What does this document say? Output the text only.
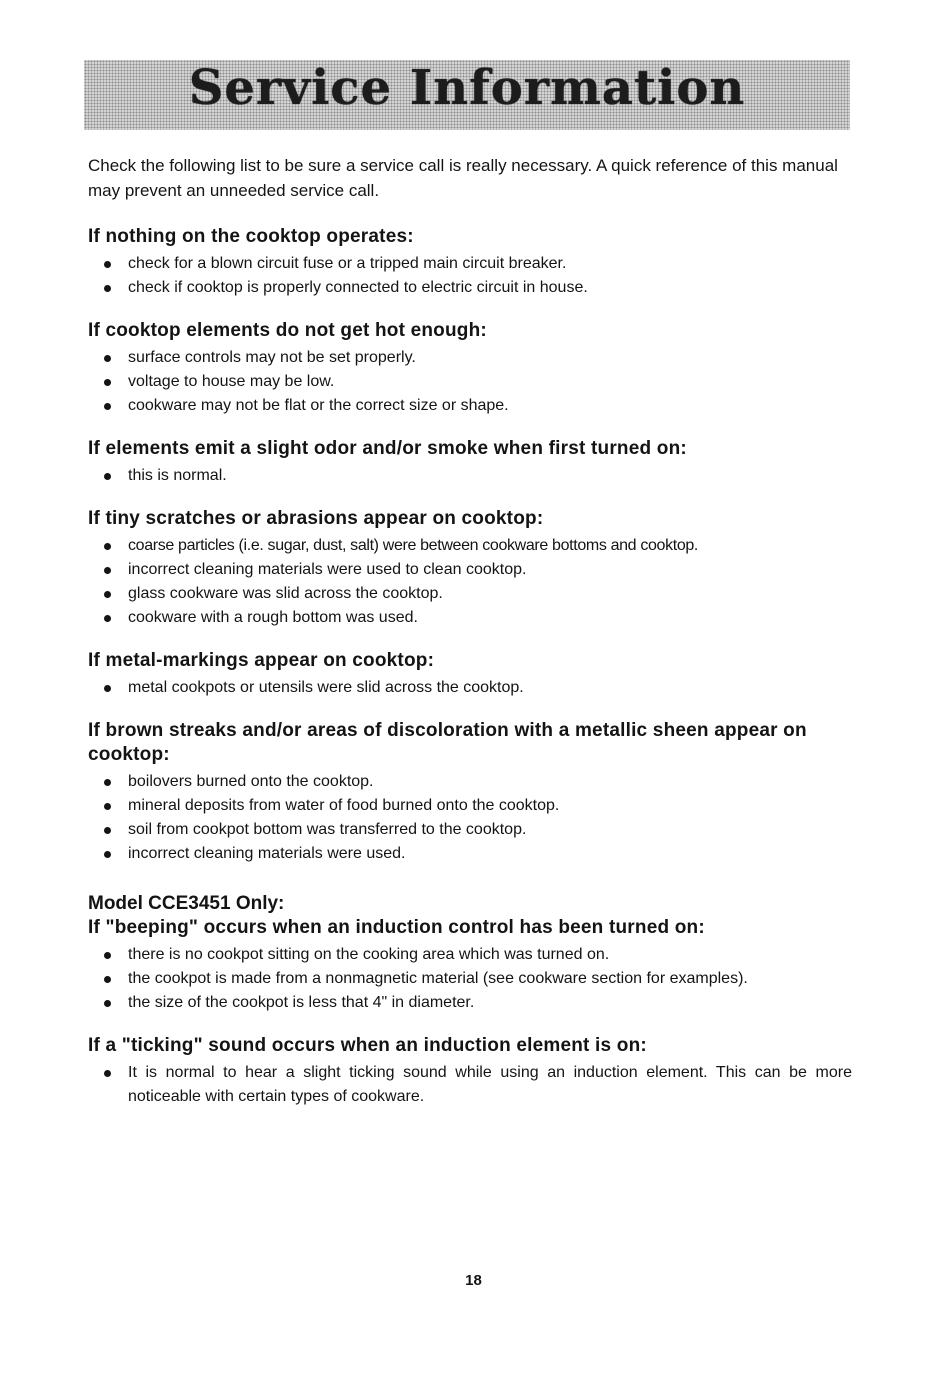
Service Information

Check the following list to be sure a service call is really necessary. A quick reference of this manual may prevent an unneeded service call.

If nothing on the cooktop operates:
check for a blown circuit fuse or a tripped main circuit breaker.
check if cooktop is properly connected to electric circuit in house.
If cooktop elements do not get hot enough:
surface controls may not be set properly.
voltage to house may be low.
cookware may not be flat or the correct size or shape.
If elements emit a slight odor and/or smoke when first turned on:
this is normal.
If tiny scratches or abrasions appear on cooktop:
coarse particles (i.e. sugar, dust, salt) were between cookware bottoms and cooktop.
incorrect cleaning materials were used to clean cooktop.
glass cookware was slid across the cooktop.
cookware with a rough bottom was used.
If metal-markings appear on cooktop:
metal cookpots or utensils were slid across the cooktop.
If brown streaks and/or areas of discoloration with a metallic sheen appear on cooktop:
boilovers burned onto the cooktop.
mineral deposits from water of food burned onto the cooktop.
soil from cookpot bottom was transferred to the cooktop.
incorrect cleaning materials were used.
Model CCE3451 Only:
If "beeping" occurs when an induction control has been turned on:
there is no cookpot sitting on the cooking area which was turned on.
the cookpot is made from a nonmagnetic material (see cookware section for examples).
the size of the cookpot is less that 4" in diameter.
If a "ticking" sound occurs when an induction element is on:
It is normal to hear a slight ticking sound while using an induction element. This can be more noticeable with certain types of cookware.
18
